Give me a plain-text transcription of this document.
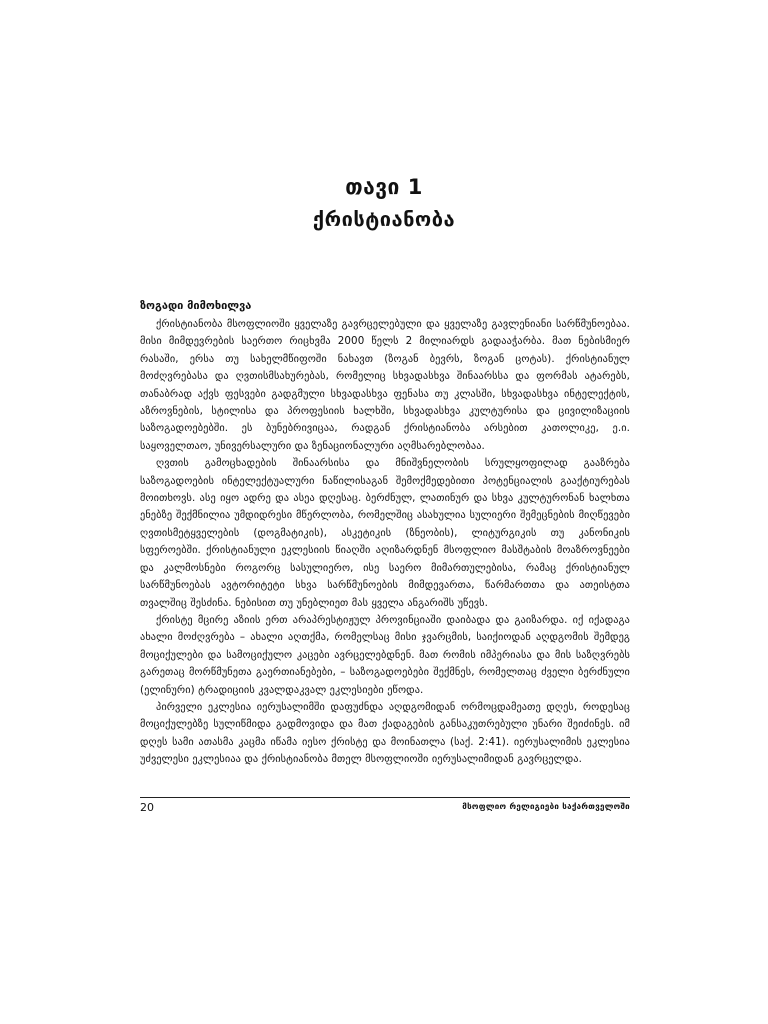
თავი 1
ქრისტიანობა
ზოგადი მიმოხილვა

ქრისტიანობა მსოფლიოში ყველაზე გავრცელებული და ყველაზე გავლენიანი სარწმუნოებაა. მისი მიმდევრების საერთო რიცხვმა 2000 წელს 2 მილიარდს გადააჭარბა. მათ ნებისმიერ რასაში, ერსა თუ სახელმწიფოში ნახავთ (ზოგან ბევრს, ზოგან ცოტას). ქრისტიანულ მოძღვრებასა და ღვთისმსახურებას, რომელიც სხვადასხვა შინაარსსა და ფორმას ატარებს, თანაბრად აქვს ფესვები გადგმული სხვადასხვა ფენასა თუ კლასში, სხვადასხვა ინტელექტის, აზროვნების, სტილისა და პროფესიის ხალხში, სხვადასხვა კულტურისა და ცივილიზაციის საზოგადოებებში. ეს ბუნებრივიცაა, რადგან ქრისტიანობა არსებით კათოლიკე, ე.ი. საყოველთაო, უნივერსალური და ზენაციონალური აღმსარებლობაა.

ღვთის გამოცხადების შინაარსისა და მნიშვნელობის სრულყოფილად გააზრება საზოგადოების ინტელექტუალური ნაწილისაგან შემოქმედებითი პოტენციალის გააქტიურებას მოითხოვს. ასე იყო ადრე და ასეა დღესაც. ბერძნულ, ლათინურ და სხვა კულტურონან ხალხთა ენებზე შექმნილია უმდიდრესი მწერლობა, რომელშიც ასახულია სულიერი შემეცნების მიღწევები ღვთისმეტყველების (დოგმატიკის), ასკეტიკის (ზნეობის), ლიტურგიკის თუ კანონიკის სფეროებში. ქრისტიანული ეკლესიის წიაღში აღიზარდნენ მსოფლიო მასშტაბის მოაზროვნეები და კალმოსნები როგორც სასულიერო, ისე საერო მიმართულებისა, რამაც ქრისტიანულ სარწმუნოებას ავტორიტეტი სხვა სარწმუნოების მიმდევართა, წარმართთა და ათეისტთა თვალშიც შესძინა. ნებისით თუ უნებლიეთ მას ყველა ანგარიშს უწევს.

ქრისტე მცირე აზიის ერთ არაპრესტიჟულ პროვინციაში დაიბადა და გაიზარდა. იქ იქადაგა ახალი მოძღვრება – ახალი აღთქმა, რომელსაც მისი ჯვარცმის, საიქიოდან აღდგომის შემდეგ მოციქულები და სამოციქულო კაცები ავრცელებდნენ. მათ რომის იმპერიასა და მის საზღვრებს გარეთაც მორწმუნეთა გაერთიანებები, – საზოგადოებები შექმნეს, რომელთაც ძველი ბერძნული (ელინური) ტრადიციის კვალდაკვალ ეკლესიები ეწოდა.

პირველი ეკლესია იერუსალიმში დაფუძნდა აღდგომიდან ორმოცდამეათე დღეს, როდესაც მოციქულებზე სულიწმიდა გადმოვიდა და მათ ქადაგების განსაკუთრებული უნარი შეიძინეს. იმ დღეს სამი ათასმა კაცმა იწამა იესო ქრისტე და მოინათლა (საქ. 2:41). იერუსალიმის ეკლესია უძველესი ეკლესიაა და ქრისტიანობა მთელ მსოფლიოში იერუსალიმიდან გავრცელდა.

20	მსოფლიო რელიგიები საქართველოში
